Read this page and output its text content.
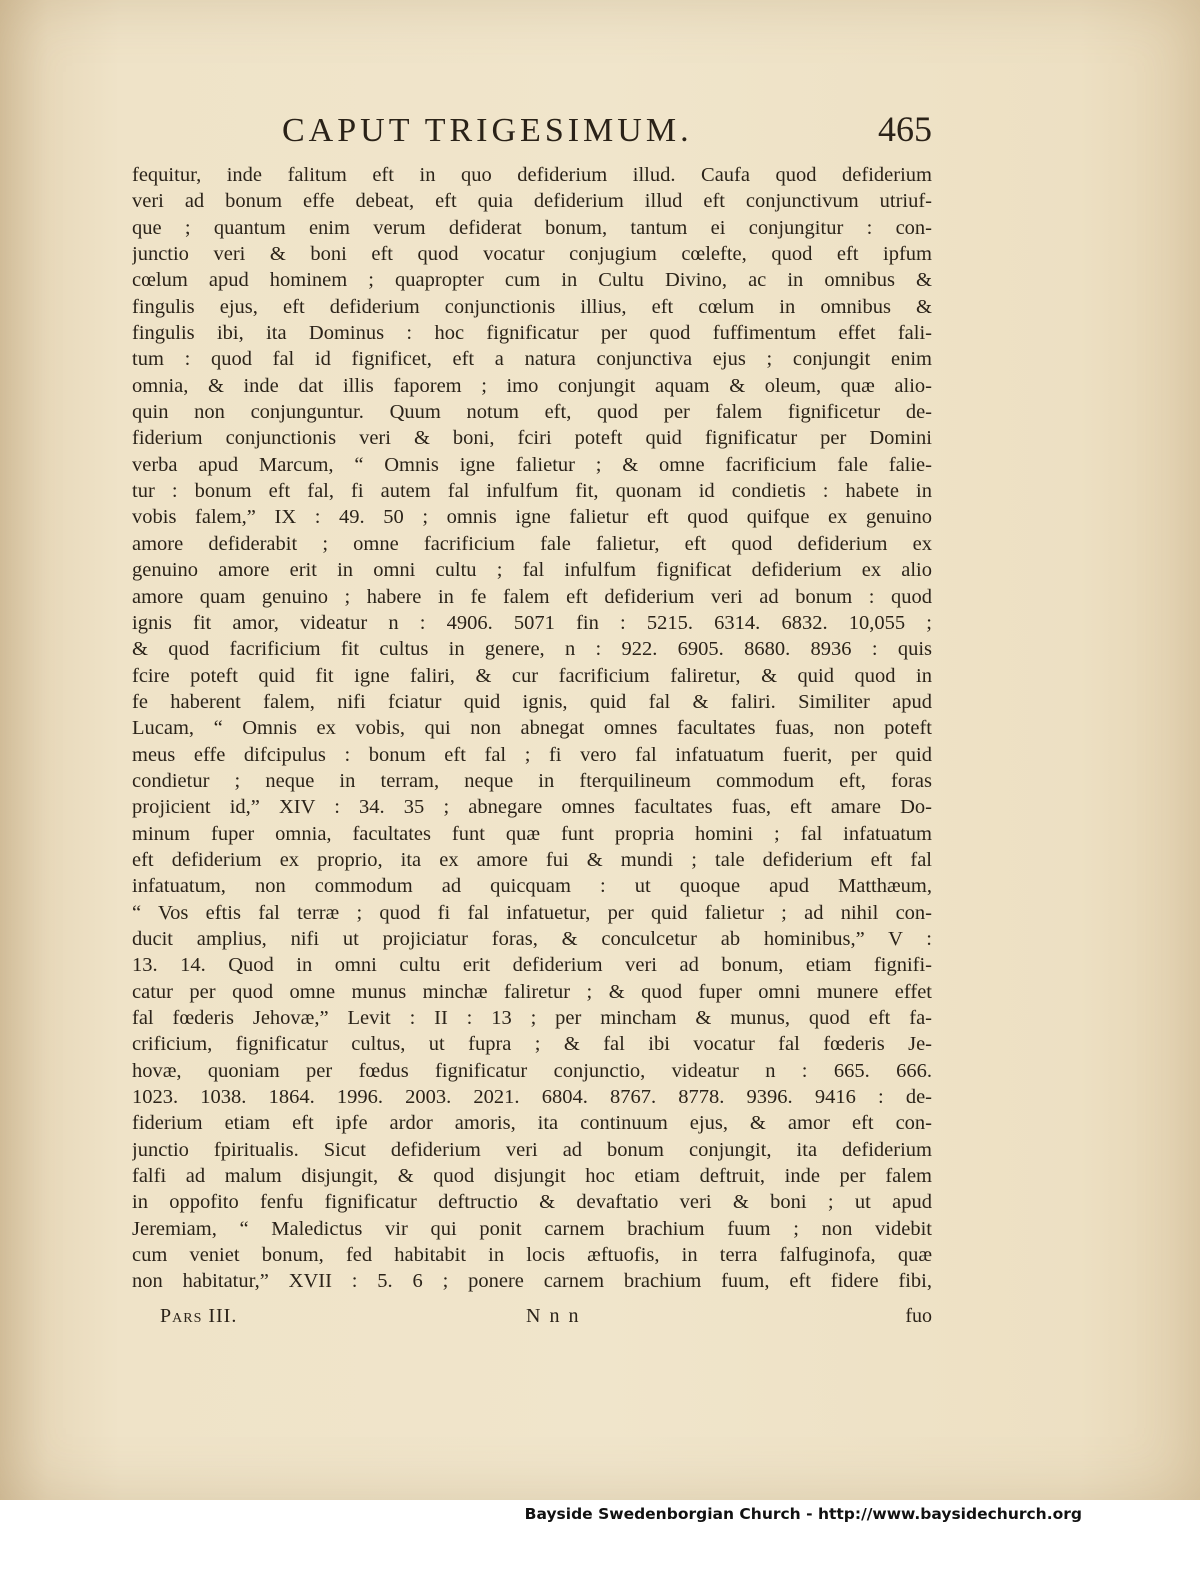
CAPUT TRIGESIMUM.	465
fequitur, inde falitum eft in quo defiderium illud. Caufa quod defiderium
veri ad bonum effe debeat, eft quia defiderium illud eft conjunctivum utriuf-
que ; quantum enim verum defiderat bonum, tantum ei conjungitur : con-
junctio veri & boni eft quod vocatur conjugium cœlefte, quod eft ipfum
cœlum apud hominem ; quapropter cum in Cultu Divino, ac in omnibus &
fingulis ejus, eft defiderium conjunctionis illius, eft cœlum in omnibus &
fingulis ibi, ita Dominus : hoc fignificatur per quod fuffimentum effet fali-
tum : quod fal id fignificet, eft a natura conjunctiva ejus ; conjungit enim
omnia, & inde dat illis faporem ; imo conjungit aquam & oleum, quæ alio-
quin non conjunguntur. Quum notum eft, quod per falem fignificetur de-
fiderium conjunctionis veri & boni, fciri poteft quid fignificatur per Domini
verba apud Marcum, “ Omnis igne falietur ; & omne facrificium fale falie-
tur : bonum eft fal, fi autem fal infulfum fit, quonam id condietis : habete in
vobis falem,” IX : 49. 50 ; omnis igne falietur eft quod quifque ex genuino
amore defiderabit ; omne facrificium fale falietur, eft quod defiderium ex
genuino amore erit in omni cultu ; fal infulfum fignificat defiderium ex alio
amore quam genuino ; habere in fe falem eft defiderium veri ad bonum : quod
ignis fit amor, videatur n : 4906. 5071 fin : 5215. 6314. 6832. 10,055 ;
& quod facrificium fit cultus in genere, n : 922. 6905. 8680. 8936 : quis
fcire poteft quid fit igne faliri, & cur facrificium faliretur, & quid quod in
fe haberent falem, nifi fciatur quid ignis, quid fal & faliri. Similiter apud
Lucam, “ Omnis ex vobis, qui non abnegat omnes facultates fuas, non poteft
meus effe difcipulus : bonum eft fal ; fi vero fal infatuatum fuerit, per quid
condietur ; neque in terram, neque in fterquilineum commodum eft, foras
projicient id,” XIV : 34. 35 ; abnegare omnes facultates fuas, eft amare Do-
minum fuper omnia, facultates funt quæ funt propria homini ; fal infatuatum
eft defiderium ex proprio, ita ex amore fui & mundi ; tale defiderium eft fal
infatuatum, non commodum ad quicquam : ut quoque apud Matthæum,
“ Vos eftis fal terræ ; quod fi fal infatuetur, per quid falietur ; ad nihil con-
ducit amplius, nifi ut projiciatur foras, & conculcetur ab hominibus,” V :
13. 14. Quod in omni cultu erit defiderium veri ad bonum, etiam fignifi-
catur per quod omne munus minchæ faliretur ; & quod fuper omni munere effet
fal fœderis Jehovæ,” Levit : II : 13 ; per mincham & munus, quod eft fa-
crificium, fignificatur cultus, ut fupra ; & fal ibi vocatur fal fœderis Je-
hovæ, quoniam per fœdus fignificatur conjunctio, videatur n : 665. 666.
1023. 1038. 1864. 1996. 2003. 2021. 6804. 8767. 8778. 9396. 9416 : de-
fiderium etiam eft ipfe ardor amoris, ita continuum ejus, & amor eft con-
junctio fpiritualis. Sicut defiderium veri ad bonum conjungit, ita defiderium
falfi ad malum disjungit, & quod disjungit hoc etiam deftruit, inde per falem
in oppofito fenfu fignificatur deftructio & devaftatio veri & boni ; ut apud
Jeremiam, “ Maledictus vir qui ponit carnem brachium fuum ; non videbit
cum veniet bonum, fed habitabit in locis æftuofis, in terra falfuginofa, quæ
non habitatur,” XVII : 5. 6 ; ponere carnem brachium fuum, eft fidere fibi,
Pars III.	N n n	fuo
Bayside Swedenborgian Church - http://www.baysidechurch.org
